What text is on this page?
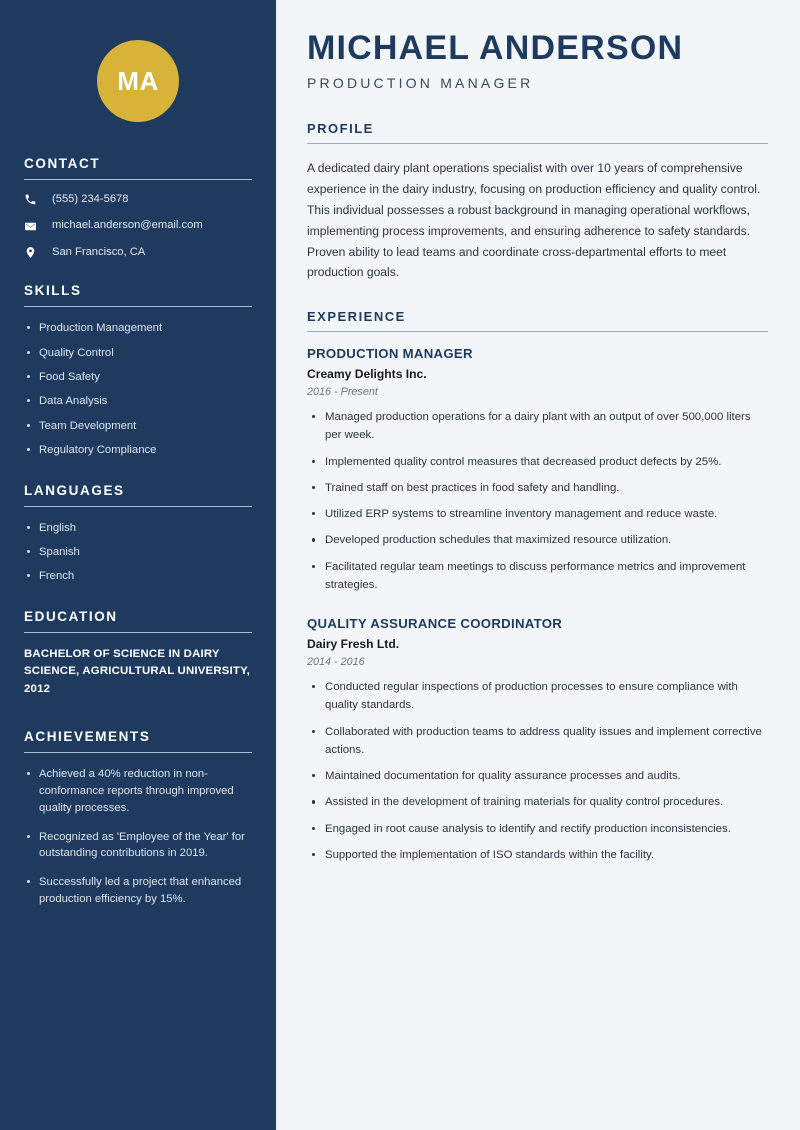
MA
CONTACT
(555) 234-5678
michael.anderson@email.com
San Francisco, CA
SKILLS
Production Management
Quality Control
Food Safety
Data Analysis
Team Development
Regulatory Compliance
LANGUAGES
English
Spanish
French
EDUCATION
BACHELOR OF SCIENCE IN DAIRY SCIENCE, AGRICULTURAL UNIVERSITY, 2012
ACHIEVEMENTS
Achieved a 40% reduction in non-conformance reports through improved quality processes.
Recognized as 'Employee of the Year' for outstanding contributions in 2019.
Successfully led a project that enhanced production efficiency by 15%.
MICHAEL ANDERSON
PRODUCTION MANAGER
PROFILE

A dedicated dairy plant operations specialist with over 10 years of comprehensive experience in the dairy industry, focusing on production efficiency and quality control. This individual possesses a robust background in managing operational workflows, implementing process improvements, and ensuring adherence to safety standards. Proven ability to lead teams and coordinate cross-departmental efforts to meet production goals.

EXPERIENCE
PRODUCTION MANAGER
Creamy Delights Inc.
2016 - Present
Managed production operations for a dairy plant with an output of over 500,000 liters per week.
Implemented quality control measures that decreased product defects by 25%.
Trained staff on best practices in food safety and handling.
Utilized ERP systems to streamline inventory management and reduce waste.
Developed production schedules that maximized resource utilization.
Facilitated regular team meetings to discuss performance metrics and improvement strategies.
QUALITY ASSURANCE COORDINATOR
Dairy Fresh Ltd.
2014 - 2016
Conducted regular inspections of production processes to ensure compliance with quality standards.
Collaborated with production teams to address quality issues and implement corrective actions.
Maintained documentation for quality assurance processes and audits.
Assisted in the development of training materials for quality control procedures.
Engaged in root cause analysis to identify and rectify production inconsistencies.
Supported the implementation of ISO standards within the facility.
